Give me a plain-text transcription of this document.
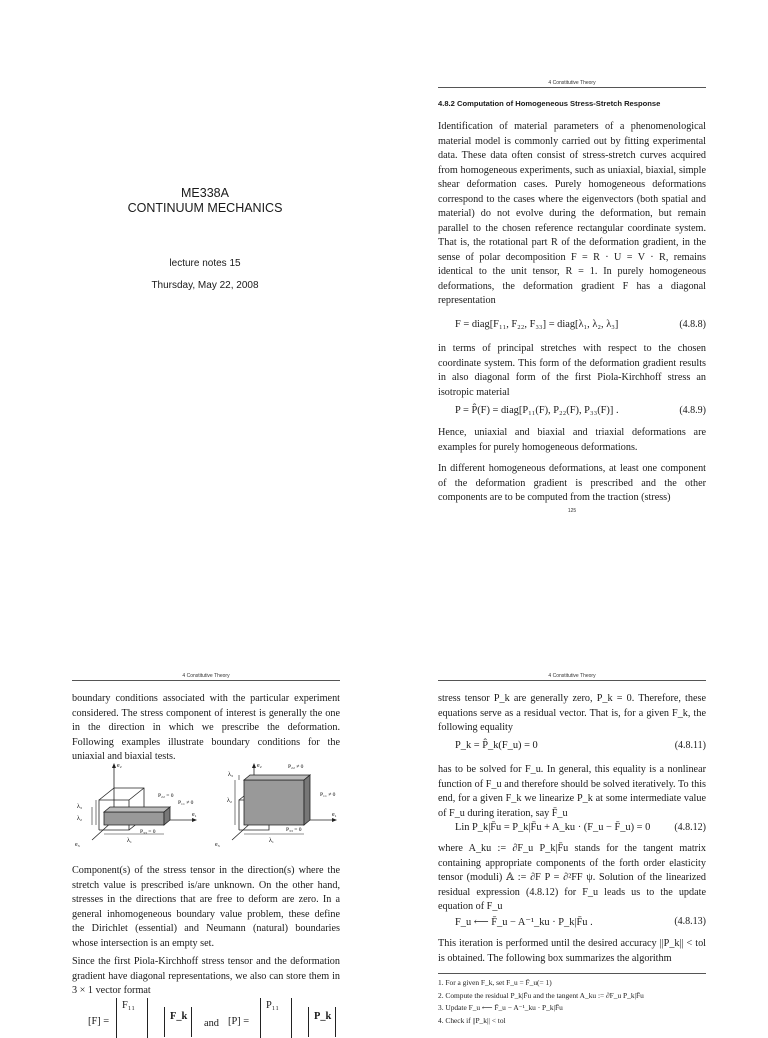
ME338A
CONTINUUM MECHANICS
lecture notes 15
Thursday, May 22, 2008
4 Constitutive Theory
4.8.2 Computation of Homogeneous Stress-Stretch Response
Identification of material parameters of a phenomenological material model is commonly carried out by fitting experimental data. These data often consist of stress-stretch curves acquired from homogeneous experiments, such as uniaxial, biaxial, simple shear deformation cases. Purely homogeneous deformations correspond to the cases where the eigenvectors (both spatial and material) do not evolve during the deformation, but remain parallel to the chosen reference rectangular coordinate system. That is, the rotational part R of the deformation gradient, in the sense of polar decomposition F = R · U = V · R, remains identical to the unit tensor, R = 1. In purely homogeneous deformations, the deformation gradient F has a diagonal representation
F = diag[F₁₁, F₂₂, F₃₃] = diag[λ₁, λ₂, λ₃]	(4.8.8)
in terms of principal stretches with respect to the chosen coordinate system. This form of the deformation gradient results in also diagonal form of the first Piola-Kirchhoff stress an isotropic material
P = P̂(F) = diag[P₁₁(F), P₂₂(F), P₃₃(F)] .	(4.8.9)
Hence, uniaxial and biaxial and triaxial deformations are examples for purely homogeneous deformations.
In different homogeneous deformations, at least one component of the deformation gradient is prescribed and the other components are to be computed from the traction (stress)
125
4 Constitutive Theory
boundary conditions associated with the particular experiment considered. The stress component of interest is generally the one in the direction in which we prescribe the deformation. Following examples illustrate boundary conditions for the uniaxial and biaxial tests.
e₂
e₁
e₃
λ₃
λ₂
λ₁
P₂₂ = 0
P₁₁ ≠ 0
P₃₃ = 0
e₂
e₁
e₃
λ₃
λ₂
λ₁
P₂₂ ≠ 0
P₁₁ ≠ 0
P₃₃ = 0
Component(s) of the stress tensor in the direction(s) where the stretch value is prescribed is/are unknown. On the other hand, stresses in the directions that are free to deform are zero. In a general inhomogeneous boundary value problem, these define the Dirichlet (essential) and Neumann (natural) boundaries whose intersection is an empty set.
Since the first Piola-Kirchhoff stress tensor and the deformation gradient have diagonal representations, we also can store them in 3 × 1 vector format
[F] =
F₁₁
F_k
and [P] =
P₁₁
P_k
4 Constitutive Theory
stress tensor P_k are generally zero, P_k = 0. Therefore, these equations serve as a residual vector. That is, for a given F_k, the following equality
P_k = P̂_k(F_u) = 0	(4.8.11)
has to be solved for F_u. In general, this equality is a nonlinear function of F_u and therefore should be solved iteratively. To this end, for a given F_k we linearize P_k at some intermediate value of F_u during iteration, say F̄_u
Lin P_k|F̄u = P_k|F̄u + A_ku · (F_u − F̄_u) = 0	(4.8.12)
where A_ku := ∂F_u P_k|F̄u stands for the tangent matrix containing appropriate components of the forth order elasticity tensor (moduli) 𝔸 := ∂F P = ∂²FF ψ. Solution of the linearized residual expression (4.8.12) for F_u leads us to the update equation of F_u
F_u ⟵ F̄_u − A⁻¹_ku · P_k|F̄u .	(4.8.13)
This iteration is performed until the desired accuracy ||P_k|| < tol is obtained. The following box summarizes the algorithm
1. For a given F_k, set F_u = F̄_u(= 1)
2. Compute the residual P_k|F̄u and the tangent A_ku := ∂F_u P_k|F̄u
3. Update F_u ⟵ F̄_u − A⁻¹_ku · P_k|F̄u
4. Check if ||P_k|| < tol
